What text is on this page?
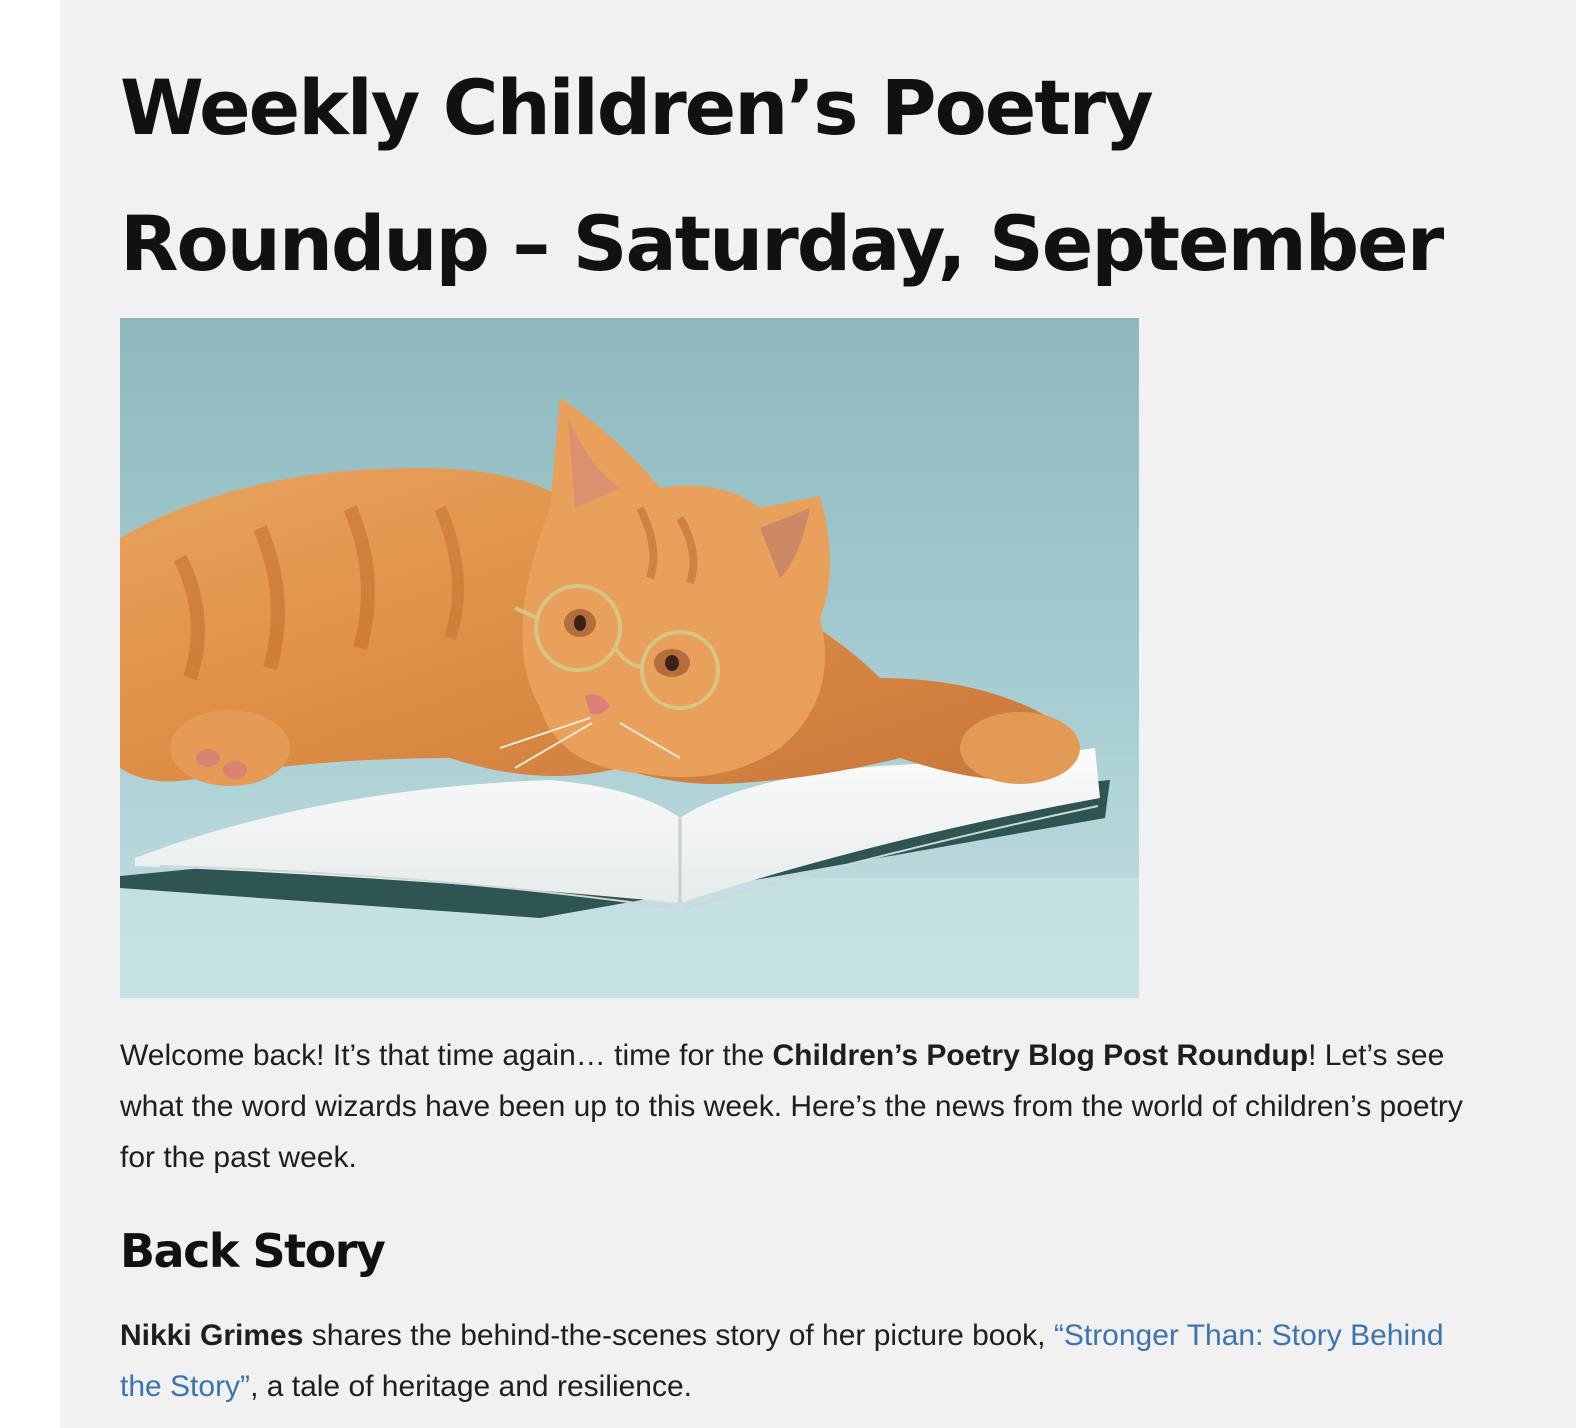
Weekly Children’s Poetry Roundup – Saturday, September

Welcome back! It’s that time again… time for the Children’s Poetry Blog Post Roundup! Let’s see what the word wizards have been up to this week. Here’s the news from the world of children’s poetry for the past week.

Back Story

Nikki Grimes shares the behind-the-scenes story of her picture book, “Stronger Than: Story Behind the Story”, a tale of heritage and resilience.
